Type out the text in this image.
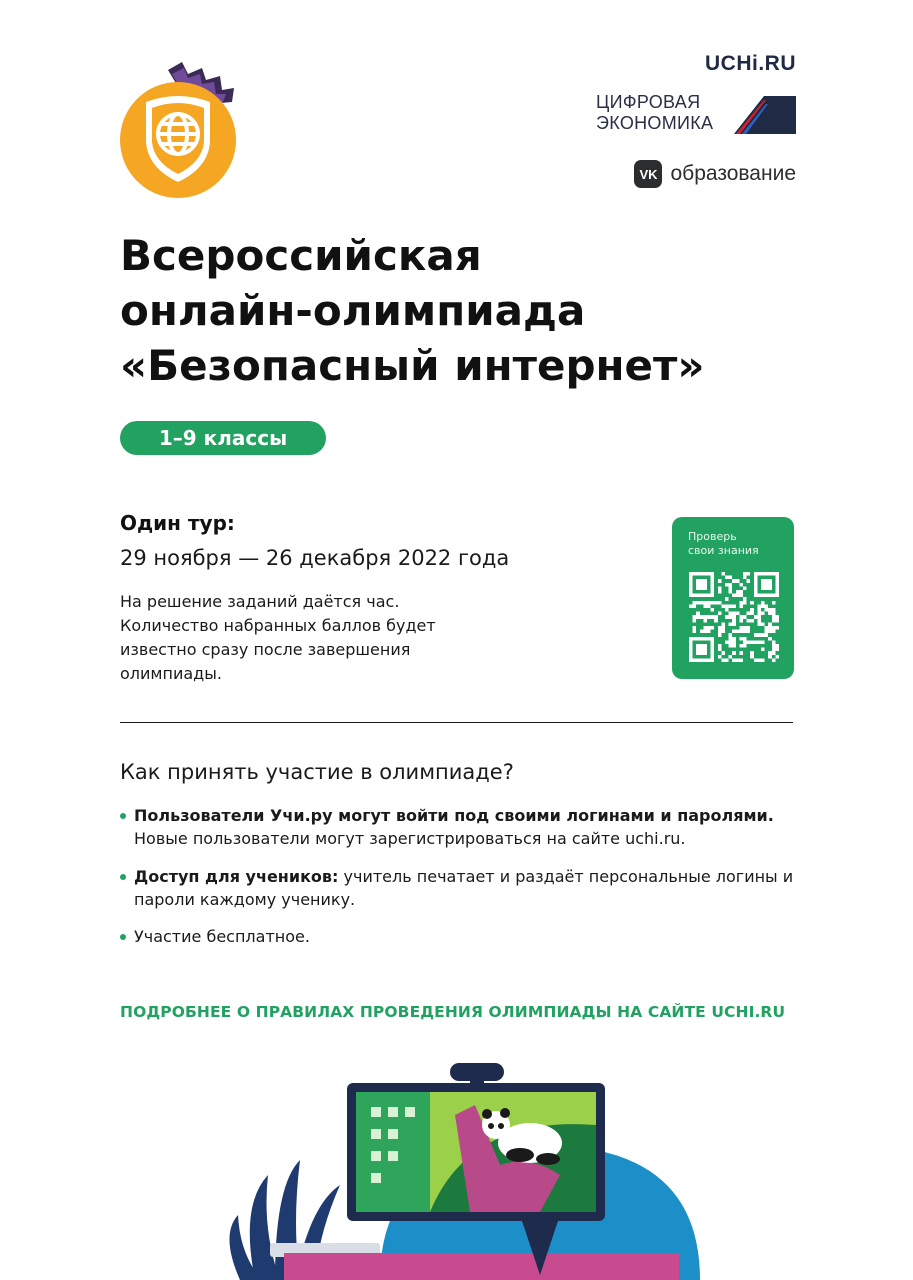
UCHi.RU
ЦИФРОВАЯ
ЭКОНОМИКА
VK образование
Всероссийская
онлайн-олимпиада
«Безопасный интернет»
1–9 классы
Один тур:
29 ноября — 26 декабря 2022 года

На решение заданий даётся час. Количество набранных баллов будет известно сразу после завершения олимпиады.

Проверь
свои знания
Как принять участие в олимпиаде?
Пользователи Учи.ру могут войти под своими логинами и паролями. Новые пользователи могут зарегистрироваться на сайте uchi.ru.
Доступ для учеников: учитель печатает и раздаёт персональные логины и пароли каждому ученику.
Участие бесплатное.
ПОДРОБНЕЕ О ПРАВИЛАХ ПРОВЕДЕНИЯ ОЛИМПИАДЫ НА САЙТЕ UCHI.RU
